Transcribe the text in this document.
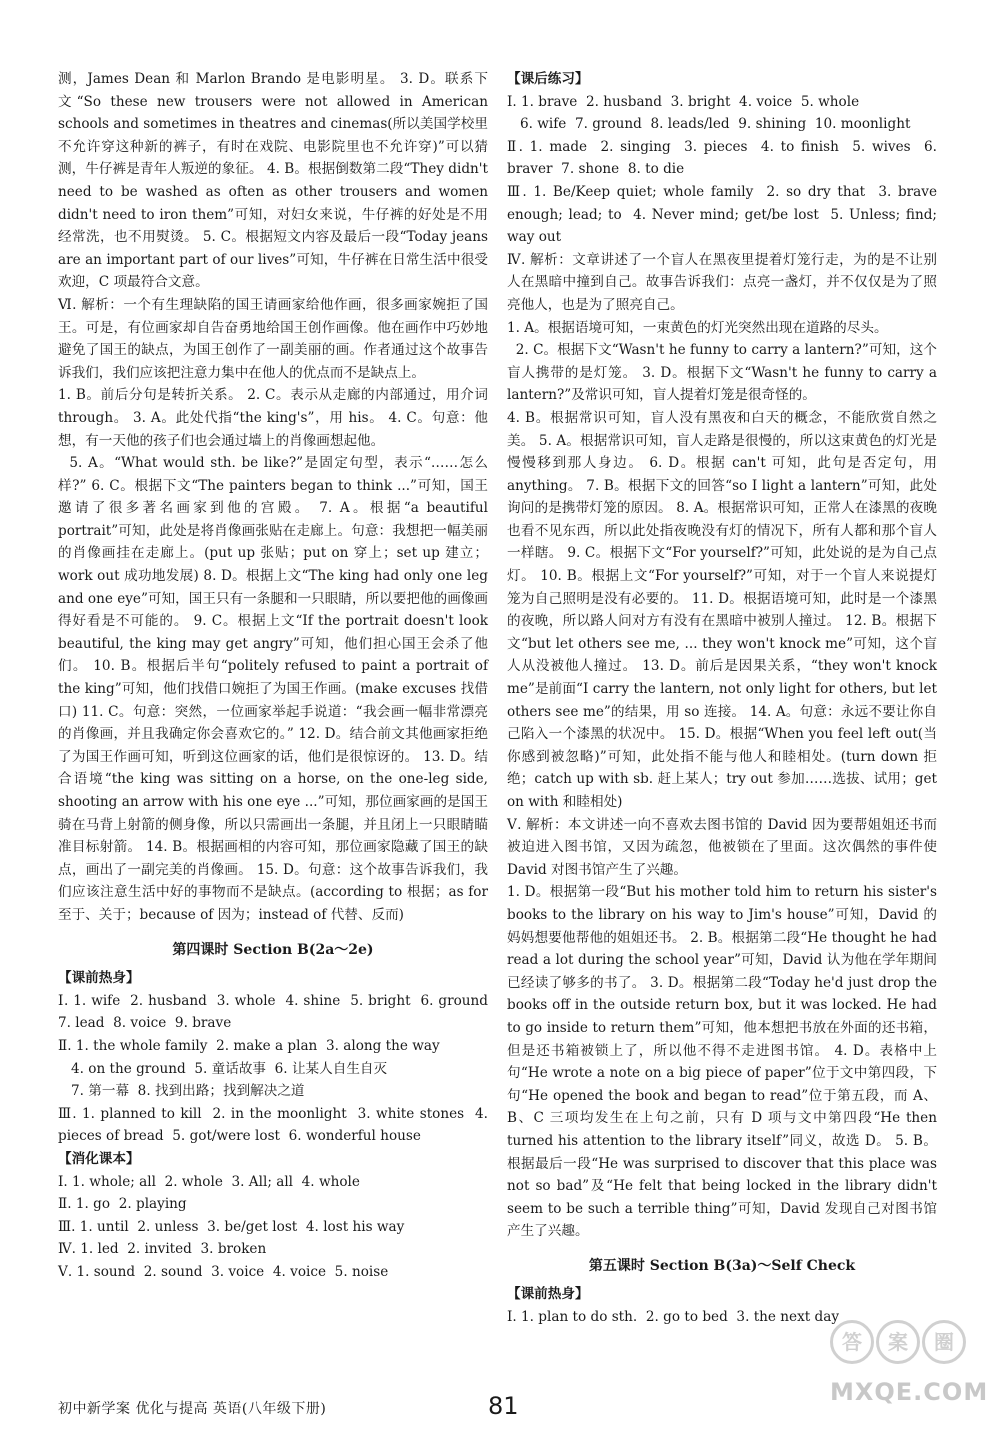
测，James Dean 和 Marlon Brando 是电影明星。 3. D。联系下文“So these new trousers were not allowed in American schools and sometimes in theatres and cinemas(所以美国学校里不允许穿这种新的裤子，有时在戏院、电影院里也不允许穿)”可以猜测，牛仔裤是青年人叛逆的象征。 4. B。根据倒数第二段“They didn't need to be washed as often as other trousers and women didn't need to iron them”可知，对妇女来说，牛仔裤的好处是不用经常洗，也不用熨烫。 5. C。根据短文内容及最后一段“Today jeans are an important part of our lives”可知，牛仔裤在日常生活中很受欢迎，C 项最符合文意。

Ⅵ. 解析：一个有生理缺陷的国王请画家给他作画，很多画家婉拒了国王。可是，有位画家却自告奋勇地给国王创作画像。他在画作中巧妙地避免了国王的缺点，为国王创作了一副美丽的画。作者通过这个故事告诉我们，我们应该把注意力集中在他人的优点而不是缺点上。

1. B。前后分句是转折关系。 2. C。表示从走廊的内部通过，用介词 through。 3. A。此处代指“the king's”，用 his。 4. C。句意：他想，有一天他的孩子们也会通过墙上的肖像画想起他。

5. A。“What would sth. be like?”是固定句型，表示“……怎么样?” 6. C。根据下文“The painters began to think ...”可知，国王邀请了很多著名画家到他的宫殿。 7. A。根据“a beautiful portrait”可知，此处是将肖像画张贴在走廊上。句意：我想把一幅美丽的肖像画挂在走廊上。(put up 张贴；put on 穿上；set up 建立；work out 成功地发展) 8. D。根据上文“The king had only one leg and one eye”可知，国王只有一条腿和一只眼睛，所以要把他的画像画得好看是不可能的。 9. C。根据上文“If the portrait doesn't look beautiful, the king may get angry”可知，他们担心国王会杀了他们。 10. B。根据后半句“politely refused to paint a portrait of the king”可知，他们找借口婉拒了为国王作画。(make excuses 找借口) 11. C。句意：突然，一位画家举起手说道：“我会画一幅非常漂亮的肖像画，并且我确定你会喜欢它的。” 12. D。结合前文其他画家拒绝了为国王作画可知，听到这位画家的话，他们是很惊讶的。 13. D。结合语境“the king was sitting on a horse, on the one-leg side, shooting an arrow with his one eye ...”可知，那位画家画的是国王骑在马背上射箭的侧身像，所以只需画出一条腿，并且闭上一只眼睛瞄准目标射箭。 14. B。根据画相的内容可知，那位画家隐藏了国王的缺点，画出了一副完美的肖像画。 15. D。句意：这个故事告诉我们，我们应该注意生活中好的事物而不是缺点。(according to 根据；as for 至于、关于；because of 因为；instead of 代替、反而)

第四课时 Section B(2a～2e)

【课前热身】

Ⅰ. 1. wife  2. husband  3. whole  4. shine  5. bright  6. ground  7. lead  8. voice  9. brave

Ⅱ. 1. the whole family  2. make a plan  3. along the way

4. on the ground  5. 童话故事  6. 让某人自生自灭

7. 第一幕  8. 找到出路；找到解决之道

Ⅲ. 1. planned to kill  2. in the moonlight  3. white stones  4. pieces of bread  5. got/were lost  6. wonderful house

【消化课本】

Ⅰ. 1. whole; all  2. whole  3. All; all  4. whole

Ⅱ. 1. go  2. playing

Ⅲ. 1. until  2. unless  3. be/get lost  4. lost his way

Ⅳ. 1. led  2. invited  3. broken

Ⅴ. 1. sound  2. sound  3. voice  4. voice  5. noise

【课后练习】

Ⅰ. 1. brave  2. husband  3. bright  4. voice  5. whole

6. wife  7. ground  8. leads/led  9. shining  10. moonlight

Ⅱ. 1. made  2. singing  3. pieces  4. to finish  5. wives  6. braver  7. shone  8. to die

Ⅲ. 1. Be/Keep quiet; whole family  2. so dry that  3. brave enough; lead; to  4. Never mind; get/be lost  5. Unless; find; way out

Ⅳ. 解析：文章讲述了一个盲人在黑夜里提着灯笼行走，为的是不让别人在黑暗中撞到自己。故事告诉我们：点亮一盏灯，并不仅仅是为了照亮他人，也是为了照亮自己。

1. A。根据语境可知，一束黄色的灯光突然出现在道路的尽头。

2. C。根据下文“Wasn't he funny to carry a lantern?”可知，这个盲人携带的是灯笼。 3. D。根据下文“Wasn't he funny to carry a lantern?”及常识可知，盲人提着灯笼是很奇怪的。

4. B。根据常识可知，盲人没有黑夜和白天的概念，不能欣赏自然之美。 5. A。根据常识可知，盲人走路是很慢的，所以这束黄色的灯光是慢慢移到那人身边。 6. D。根据 can't 可知，此句是否定句，用 anything。 7. B。根据下文的回答“so I light a lantern”可知，此处询问的是携带灯笼的原因。 8. A。根据常识可知，正常人在漆黑的夜晚也看不见东西，所以此处指夜晚没有灯的情况下，所有人都和那个盲人一样瞎。 9. C。根据下文“For yourself?”可知，此处说的是为自己点灯。 10. B。根据上文“For yourself?”可知，对于一个盲人来说提灯笼为自己照明是没有必要的。 11. D。根据语境可知，此时是一个漆黑的夜晚，所以路人问对方有没有在黑暗中被别人撞过。 12. B。根据下文“but let others see me, ... they won't knock me”可知，这个盲人从没被他人撞过。 13. D。前后是因果关系，“they won't knock me”是前面“I carry the lantern, not only light for others, but let others see me”的结果，用 so 连接。 14. A。句意：永远不要让你自己陷入一个漆黑的状况中。 15. D。根据“When you feel left out(当你感到被忽略)”可知，此处指不能与他人和睦相处。(turn down 拒绝；catch up with sb. 赶上某人；try out 参加……选拔、试用；get on with 和睦相处)

Ⅴ. 解析：本文讲述一向不喜欢去图书馆的 David 因为要帮姐姐还书而被迫进入图书馆，又因为疏忽，他被锁在了里面。这次偶然的事件使 David 对图书馆产生了兴趣。

1. D。根据第一段“But his mother told him to return his sister's books to the library on his way to Jim's house”可知，David 的妈妈想要他帮他的姐姐还书。 2. B。根据第二段“He thought he had read a lot during the school year”可知，David 认为他在学年期间已经读了够多的书了。 3. D。根据第二段“Today he'd just drop the books off in the outside return box, but it was locked. He had to go inside to return them”可知，他本想把书放在外面的还书箱，但是还书箱被锁上了，所以他不得不走进图书馆。 4. D。表格中上句“He wrote a note on a big piece of paper”位于文中第四段，下句“He opened the book and began to read”位于第五段，而 A、B、C 三项均发生在上句之前，只有 D 项与文中第四段“He then turned his attention to the library itself”同义，故选 D。 5. B。根据最后一段“He was surprised to discover that this place was not so bad”及“He felt that being locked in the library didn't seem to be such a terrible thing”可知，David 发现自己对图书馆产生了兴趣。

第五课时 Section B(3a)～Self Check

【课前热身】

Ⅰ. 1. plan to do sth.  2. go to bed  3. the next day

初中新学案 优化与提高 英语(八年级下册)	81
答	案	圈
MXQE.COM
